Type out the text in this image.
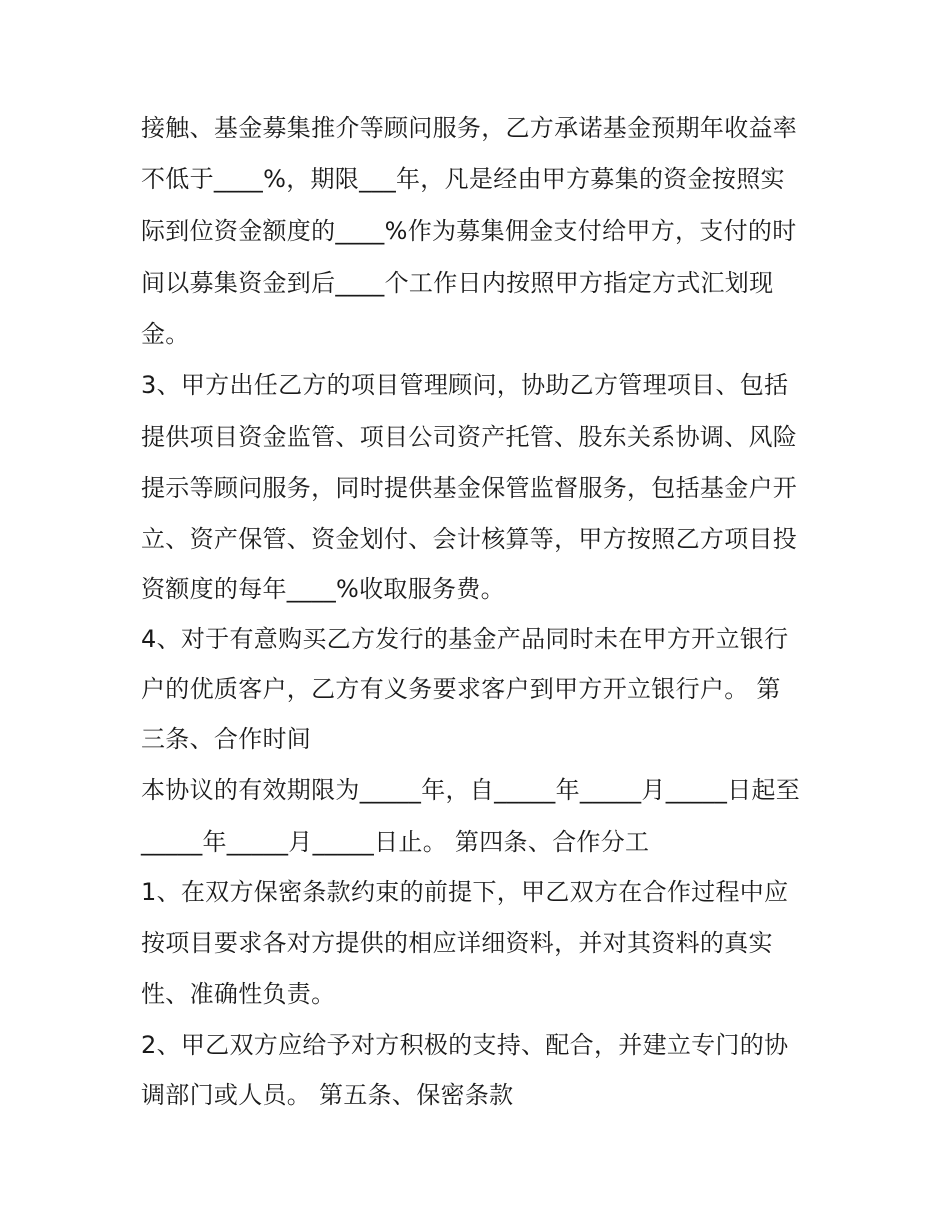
接触、基金募集推介等顾问服务，乙方承诺基金预期年收益率
不低于____%，期限___年，凡是经由甲方募集的资金按照实
际到位资金额度的____%作为募集佣金支付给甲方，支付的时
间以募集资金到后____个工作日内按照甲方指定方式汇划现
金。
3、甲方出任乙方的项目管理顾问，协助乙方管理项目、包括
提供项目资金监管、项目公司资产托管、股东关系协调、风险
提示等顾问服务，同时提供基金保管监督服务，包括基金户开
立、资产保管、资金划付、会计核算等，甲方按照乙方项目投
资额度的每年____%收取服务费。
4、对于有意购买乙方发行的基金产品同时未在甲方开立银行
户的优质客户，乙方有义务要求客户到甲方开立银行户。 第
三条、合作时间
本协议的有效期限为_____年，自_____年_____月_____日起至
_____年_____月_____日止。 第四条、合作分工
1、在双方保密条款约束的前提下，甲乙双方在合作过程中应
按项目要求各对方提供的相应详细资料，并对其资料的真实
性、准确性负责。
2、甲乙双方应给予对方积极的支持、配合，并建立专门的协
调部门或人员。 第五条、保密条款
